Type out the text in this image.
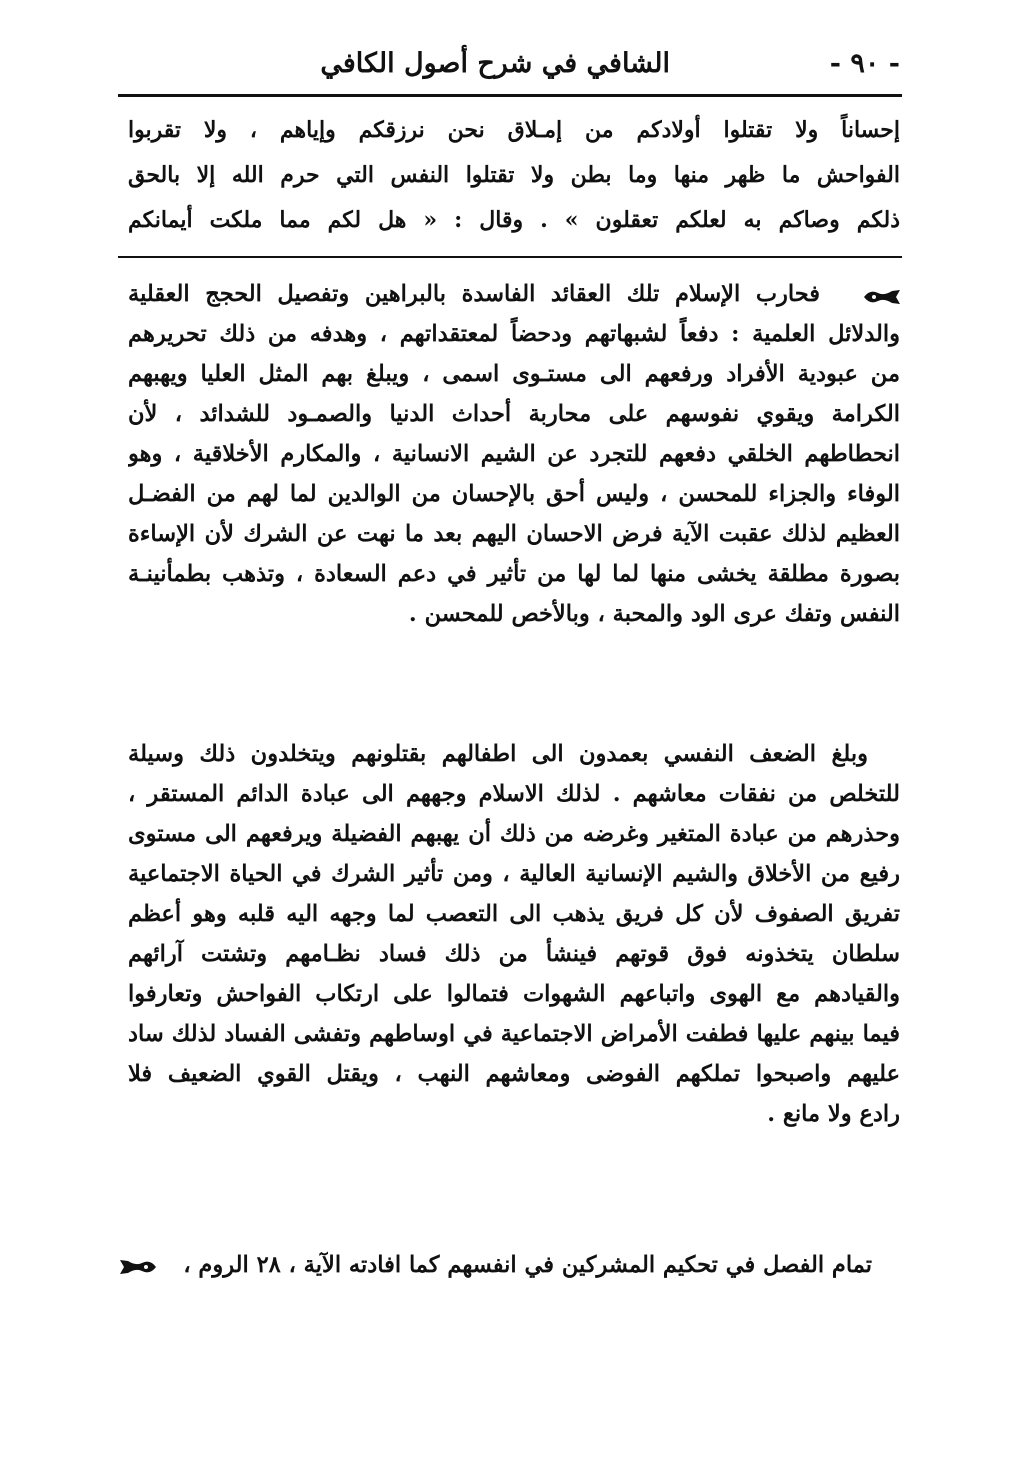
- ٩٠ -
الشافي في شرح أصول الكافي
إحساناً ولا تقتلوا أولادكم من إمـلاق نحن نرزقكم وإياهم ، ولا تقربوا
الفواحش ما ظهر منها وما بطن ولا تقتلوا النفس التي حرم الله إلا بالحق
ذلكم وصاكم به لعلكم تعقلون » . وقال : « هل لكم مما ملكت أيمانكم
فحارب الإسلام تلك العقائد الفاسدة بالبراهين وتفصيل الحجج العقلية
والدلائل العلمية : دفعاً لشبهاتهم ودحضاً لمعتقداتهم ، وهدفه من ذلك تحريرهم
من عبودية الأفراد ورفعهم الى مستـوى اسمى ، ويبلغ بهم المثل العليا ويهبهم
الكرامة ويقوي نفوسهم على محاربة أحداث الدنيا والصمـود للشدائد ، لأن
انحطاطهم الخلقي دفعهم للتجرد عن الشيم الانسانية ، والمكارم الأخلاقية ، وهو
الوفاء والجزاء للمحسن ، وليس أحق بالإحسان من الوالدين لما لهم من الفضـل
العظيم لذلك عقبت الآية فرض الاحسان اليهم بعد ما نهت عن الشرك لأن الإساءة
بصورة مطلقة يخشى منها لما لها من تأثير في دعم السعادة ، وتذهب بطمأنينـة
النفس وتفك عرى الود والمحبة ، وبالأخص للمحسن .
وبلغ الضعف النفسي بعمدون الى اطفالهم بقتلونهم ويتخلدون ذلك وسيلة
للتخلص من نفقات معاشهم . لذلك الاسلام وجههم الى عبادة الدائم المستقر ،
وحذرهم من عبادة المتغير وغرضه من ذلك أن يهبهم الفضيلة ويرفعهم الى مستوى
رفيع من الأخلاق والشيم الإنسانية العالية ، ومن تأثير الشرك في الحياة الاجتماعية
تفريق الصفوف لأن كل فريق يذهب الى التعصب لما وجهه اليه قلبه وهو أعظم
سلطان يتخذونه فوق قوتهم فينشأ من ذلك فساد نظـامهم وتشتت آرائهم
والقيادهم مع الهوى واتباعهم الشهوات فتمالوا على ارتكاب الفواحش وتعارفوا
فيما بينهم عليها فطفت الأمراض الاجتماعية في اوساطهم وتفشى الفساد لذلك ساد
عليهم واصبحوا تملكهم الفوضى ومعاشهم النهب ، ويقتل القوي الضعيف فلا
رادع ولا مانع .
تمام الفصل في تحكيم المشركين في انفسهم كما افادته الآية ، ٢٨ الروم ،
